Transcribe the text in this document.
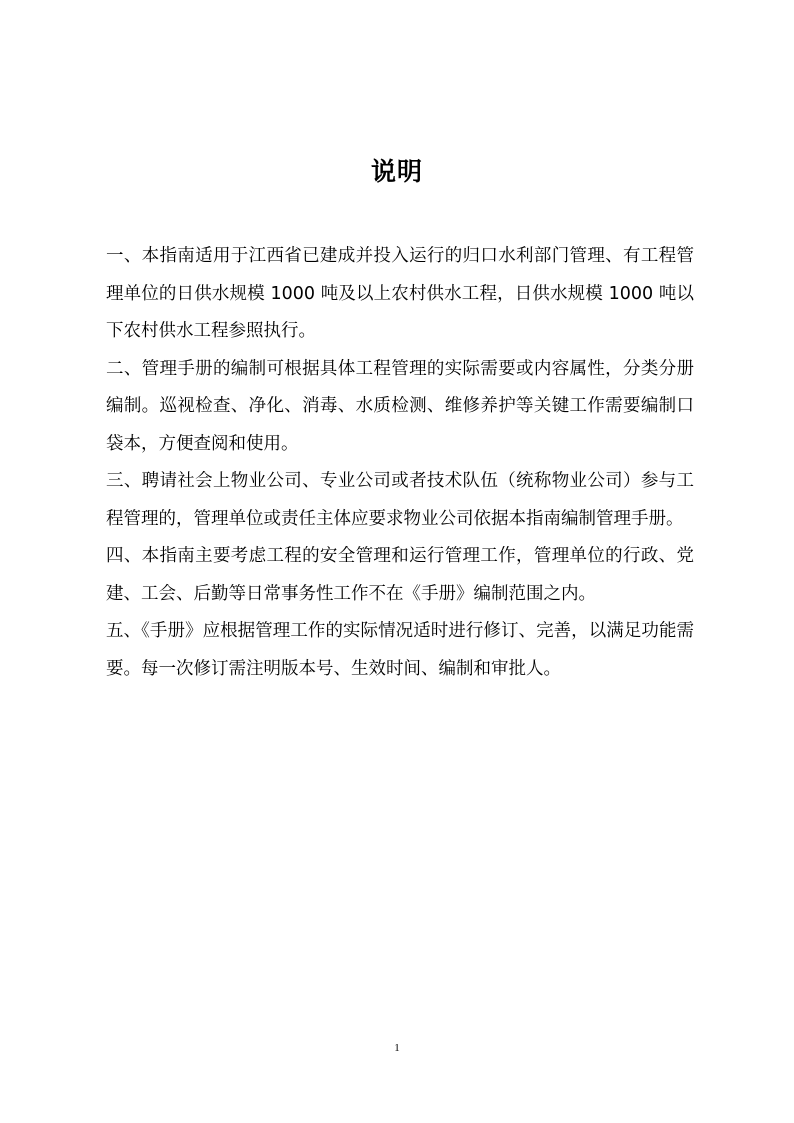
说明

一、本指南适用于江西省已建成并投入运行的归口水利部门管理、有工程管理单位的日供水规模 1000 吨及以上农村供水工程，日供水规模 1000 吨以下农村供水工程参照执行。

二、管理手册的编制可根据具体工程管理的实际需要或内容属性，分类分册编制。巡视检查、净化、消毒、水质检测、维修养护等关键工作需要编制口袋本，方便查阅和使用。

三、聘请社会上物业公司、专业公司或者技术队伍（统称物业公司）参与工程管理的，管理单位或责任主体应要求物业公司依据本指南编制管理手册。

四、本指南主要考虑工程的安全管理和运行管理工作，管理单位的行政、党建、工会、后勤等日常事务性工作不在《手册》编制范围之内。

五、《手册》应根据管理工作的实际情况适时进行修订、完善，以满足功能需要。每一次修订需注明版本号、生效时间、编制和审批人。

1
